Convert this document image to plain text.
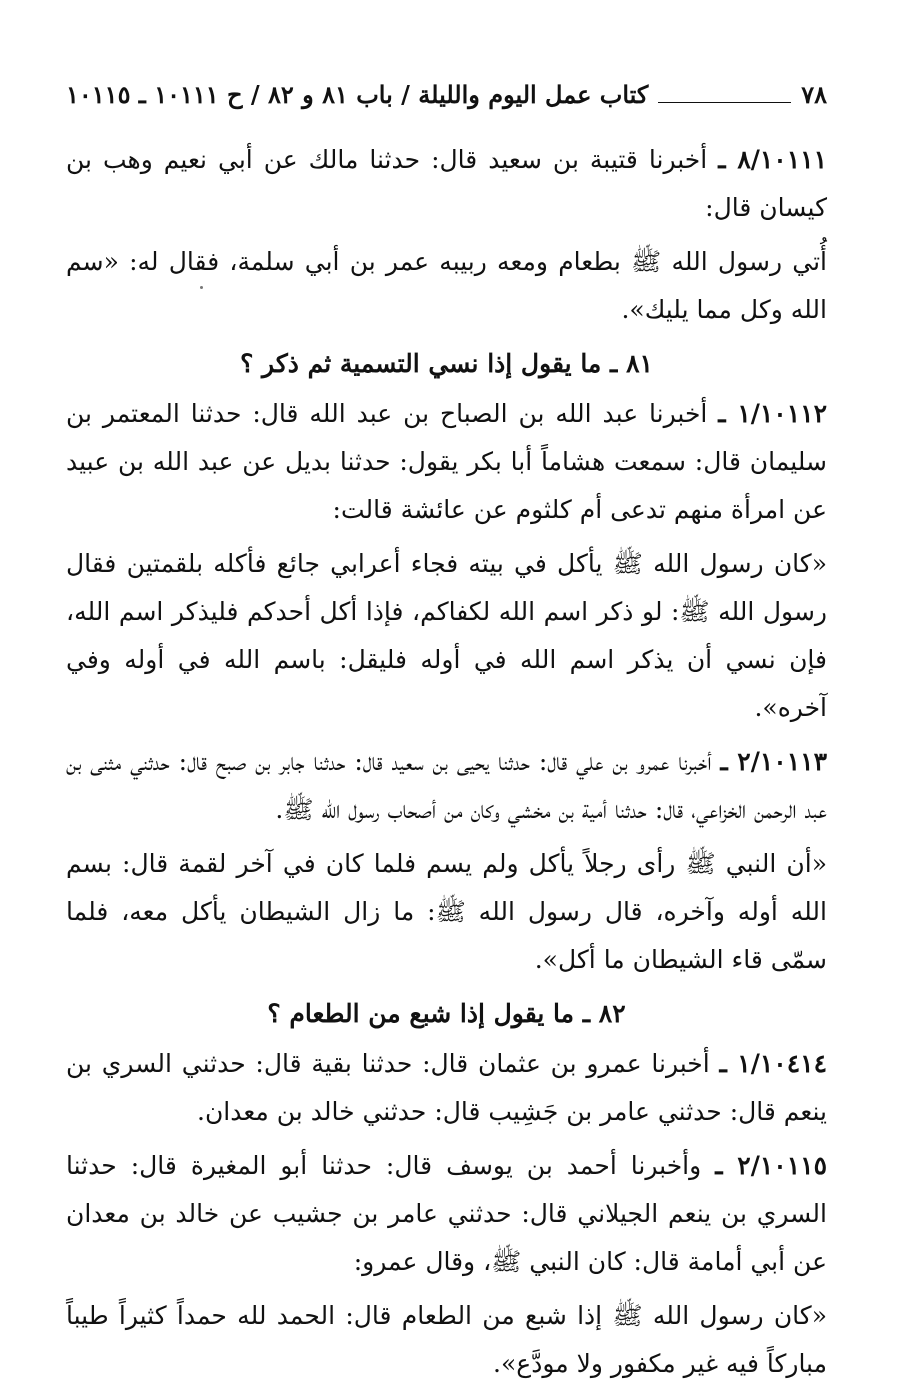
٧٨
كتاب عمل اليوم والليلة / باب ٨١ و ٨٢ / ح ١٠١١١ ـ ١٠١١٥

٨/١٠١١١ ـ أخبرنا قتيبة بن سعيد قال: حدثنا مالك عن أبي نعيم وهب بن كيسان قال:

أُتي رسول الله ﷺ بطعام ومعه ربيبه عمر بن أبي سلمة، فقال له: «سم الله وكل مما يليك».

٨١ ـ ما يقول إذا نسي التسمية ثم ذكر ؟

١/١٠١١٢ ـ أخبرنا عبد الله بن الصباح بن عبد الله قال: حدثنا المعتمر بن سليمان قال: سمعت هشاماً أبا بكر يقول: حدثنا بديل عن عبد الله بن عبيد عن امرأة منهم تدعى أم كلثوم عن عائشة قالت:

«كان رسول الله ﷺ يأكل في بيته فجاء أعرابي جائع فأكله بلقمتين فقال رسول الله ﷺ: لو ذكر اسم الله لكفاكم، فإذا أكل أحدكم فليذكر اسم الله، فإن نسي أن يذكر اسم الله في أوله فليقل: باسم الله في أوله وفي آخره».

٢/١٠١١٣ ـ أخبرنا عمرو بن علي قال: حدثنا يحيى بن سعيد قال: حدثنا جابر بن صبح قال: حدثني مثنى بن عبد الرحمن الخزاعي، قال: حدثنا أمية بن مخشي وكان من أصحاب رسول الله ﷺ.

«أن النبي ﷺ رأى رجلاً يأكل ولم يسم فلما كان في آخر لقمة قال: بسم الله أوله وآخره، قال رسول الله ﷺ: ما زال الشيطان يأكل معه، فلما سمّى قاء الشيطان ما أكل».

٨٢ ـ ما يقول إذا شبع من الطعام ؟

١/١٠٤١٤ ـ أخبرنا عمرو بن عثمان قال: حدثنا بقية قال: حدثني السري بن ينعم قال: حدثني عامر بن جَشِيب قال: حدثني خالد بن معدان.

٢/١٠١١٥ ـ وأخبرنا أحمد بن يوسف قال: حدثنا أبو المغيرة قال: حدثنا السري بن ينعم الجيلاني قال: حدثني عامر بن جشيب عن خالد بن معدان عن أبي أمامة قال: كان النبي ﷺ، وقال عمرو:

«كان رسول الله ﷺ إذا شبع من الطعام قال: الحمد لله حمداً كثيراً طيباً مباركاً فيه غير مكفور ولا مودَّع».
